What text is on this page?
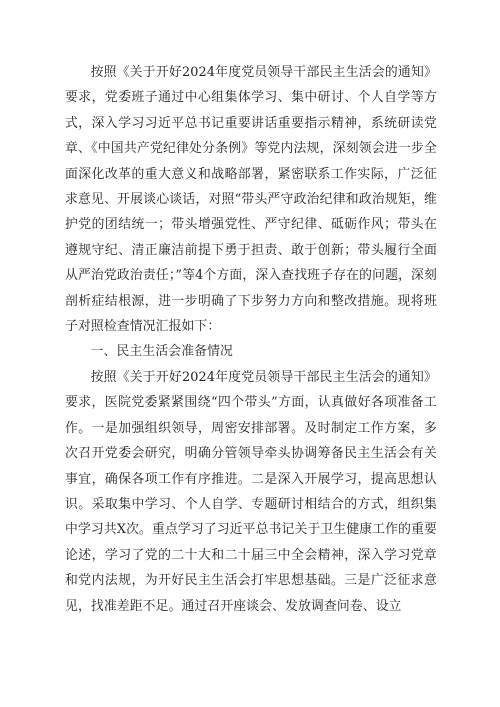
按照《关于开好2024年度党员领导干部民主生活会的通知》要求，党委班子通过中心组集体学习、集中研讨、个人自学等方式，深入学习习近平总书记重要讲话重要指示精神，系统研读党章、《中国共产党纪律处分条例》等党内法规，深刻领会进一步全面深化改革的重大意义和战略部署，紧密联系工作实际，广泛征求意见、开展谈心谈话，对照“带头严守政治纪律和政治规矩，维护党的团结统一；带头增强党性、严守纪律、砥砺作风；带头在遵规守纪、清正廉洁前提下勇于担责、敢于创新；带头履行全面从严治党政治责任；”等4个方面，深入查找班子存在的问题，深刻剖析症结根源，进一步明确了下步努力方向和整改措施。现将班子对照检查情况汇报如下：

一、民主生活会准备情况

按照《关于开好2024年度党员领导干部民主生活会的通知》要求，医院党委紧紧围绕“四个带头”方面，认真做好各项准备工作。一是加强组织领导，周密安排部署。及时制定工作方案，多次召开党委会研究，明确分管领导牵头协调筹备民主生活会有关事宜，确保各项工作有序推进。二是深入开展学习，提高思想认识。采取集中学习、个人自学、专题研讨相结合的方式，组织集中学习共X次。重点学习了习近平总书记关于卫生健康工作的重要论述，学习了党的二十大和二十届三中全会精神，深入学习党章和党内法规，为开好民主生活会打牢思想基础。三是广泛征求意见，找准差距不足。通过召开座谈会、发放调查问卷、设立
